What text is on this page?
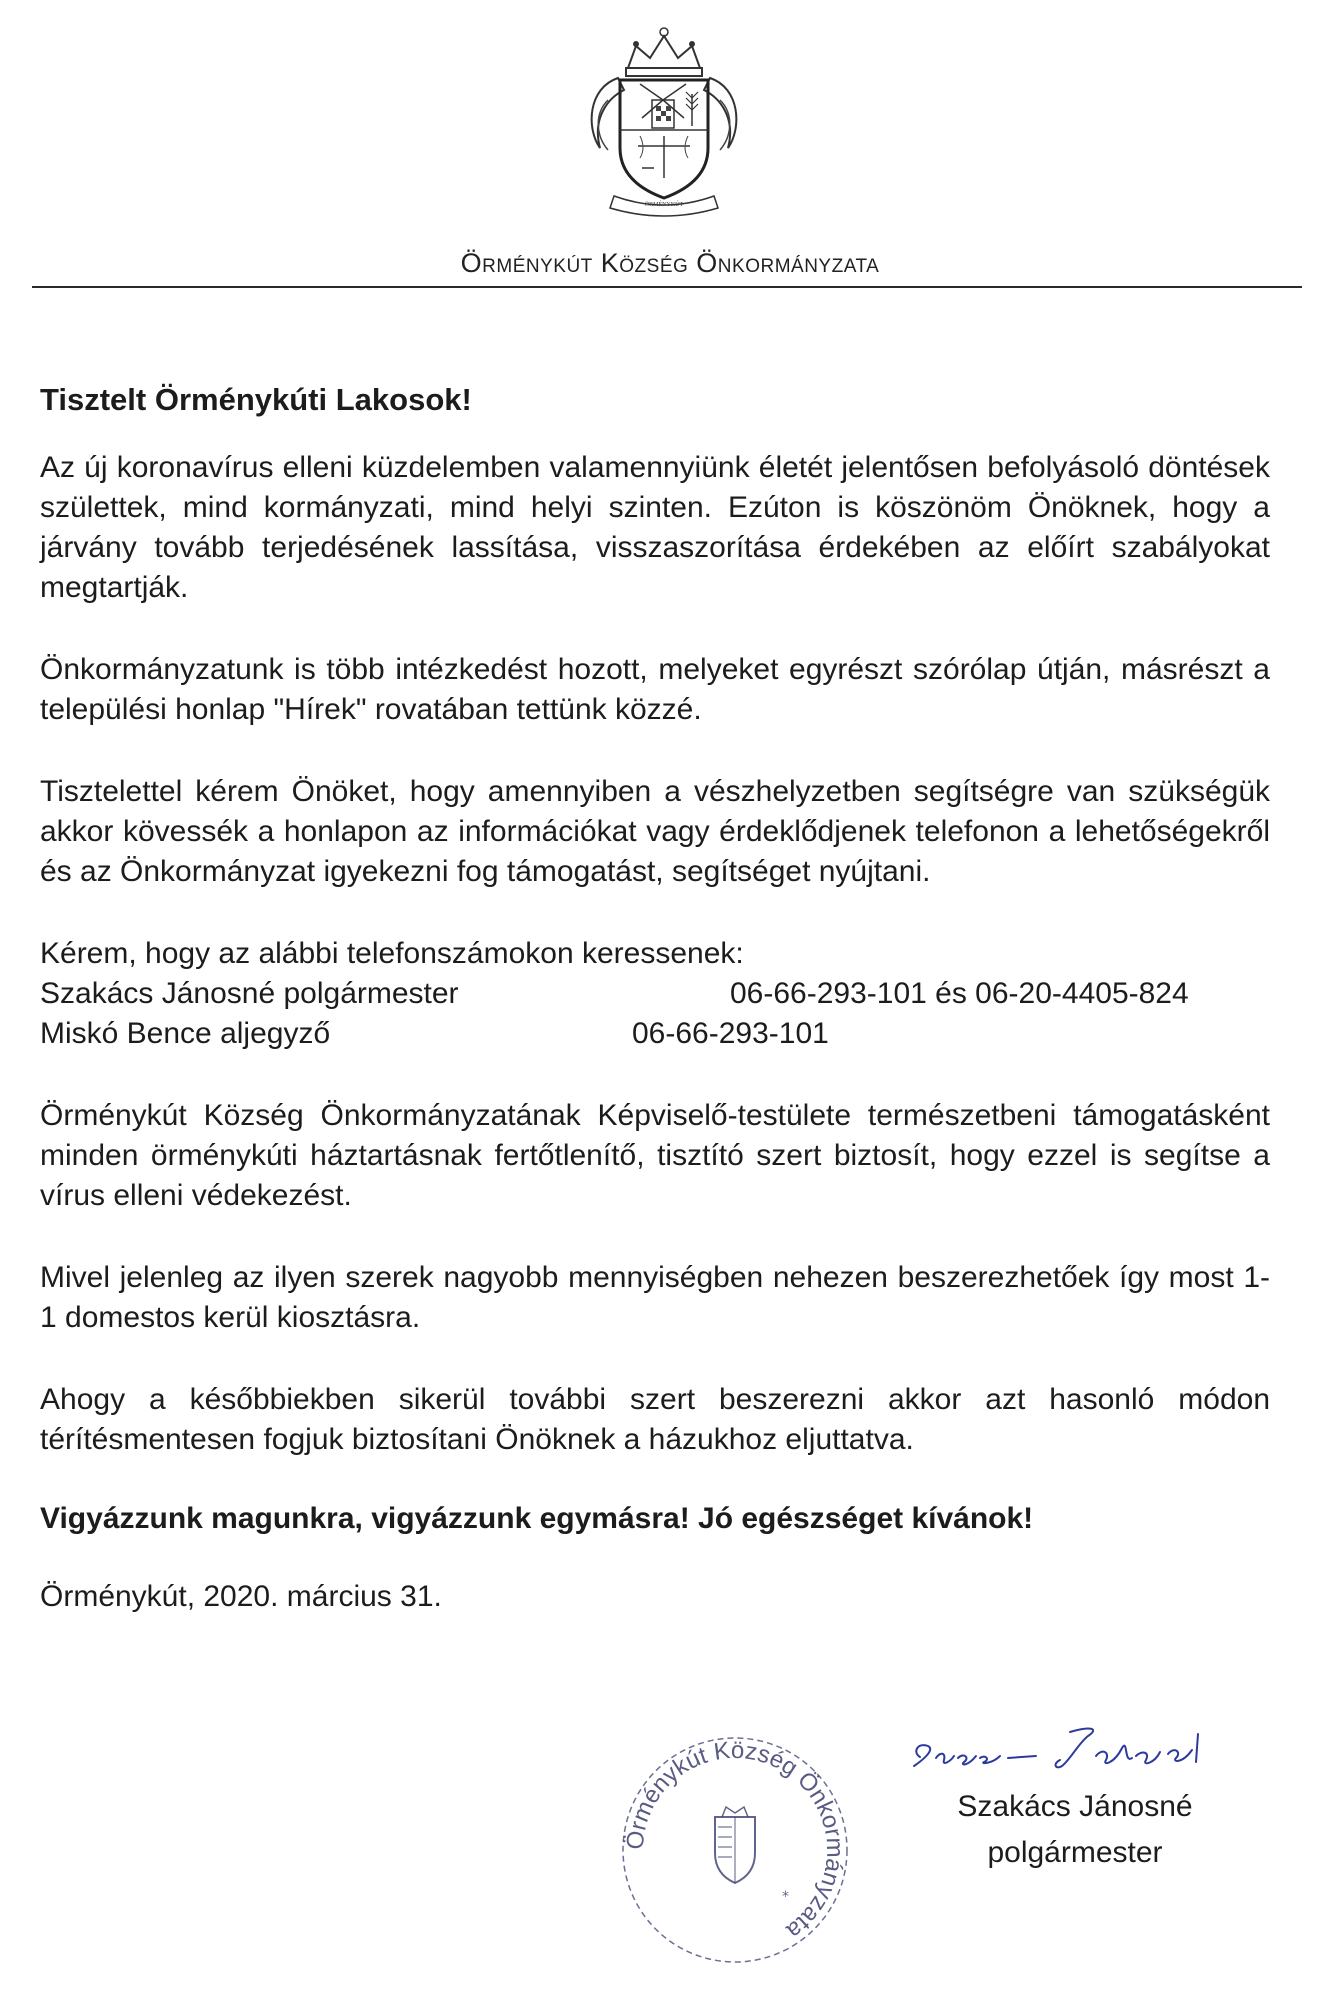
ÖRMÉNYKÚT
Örménykút Község Önkormányzata

Tisztelt Örménykúti Lakosok!

Az új koronavírus elleni küzdelemben valamennyiünk életét jelentősen befolyásoló döntések születtek, mind kormányzati, mind helyi szinten. Ezúton is köszönöm Önöknek, hogy a járvány tovább terjedésének lassítása, visszaszorítása érdekében az előírt szabályokat megtartják.

Önkormányzatunk is több intézkedést hozott, melyeket egyrészt szórólap útján, másrészt a települési honlap "Hírek" rovatában tettünk közzé.

Tisztelettel kérem Önöket, hogy amennyiben a vészhelyzetben segítségre van szükségük akkor kövessék a honlapon az információkat vagy érdeklődjenek telefonon a lehetőségekről és az Önkormányzat igyekezni fog támogatást, segítséget nyújtani.

Kérem, hogy az alábbi telefonszámokon keressenek:
Szakács Jánosné polgármester	06-66-293-101 és 06-20-4405-824
Miskó Bence aljegyző	06-66-293-101

Örménykút Község Önkormányzatának Képviselő-testülete természetbeni támogatásként minden örménykúti háztartásnak fertőtlenítő, tisztító szert biztosít, hogy ezzel is segítse a vírus elleni védekezést.

Mivel jelenleg az ilyen szerek nagyobb mennyiségben nehezen beszerezhetőek így most 1-1 domestos kerül kiosztásra.

Ahogy a későbbiekben sikerül további szert beszerezni akkor azt hasonló módon térítésmentesen fogjuk biztosítani Önöknek a házukhoz eljuttatva.

Vigyázzunk magunkra, vigyázzunk egymásra! Jó egészséget kívánok!

Örménykút, 2020. március 31.
Örménykút Község Önkormányzata
*
Szakács Jánosné
polgármester
